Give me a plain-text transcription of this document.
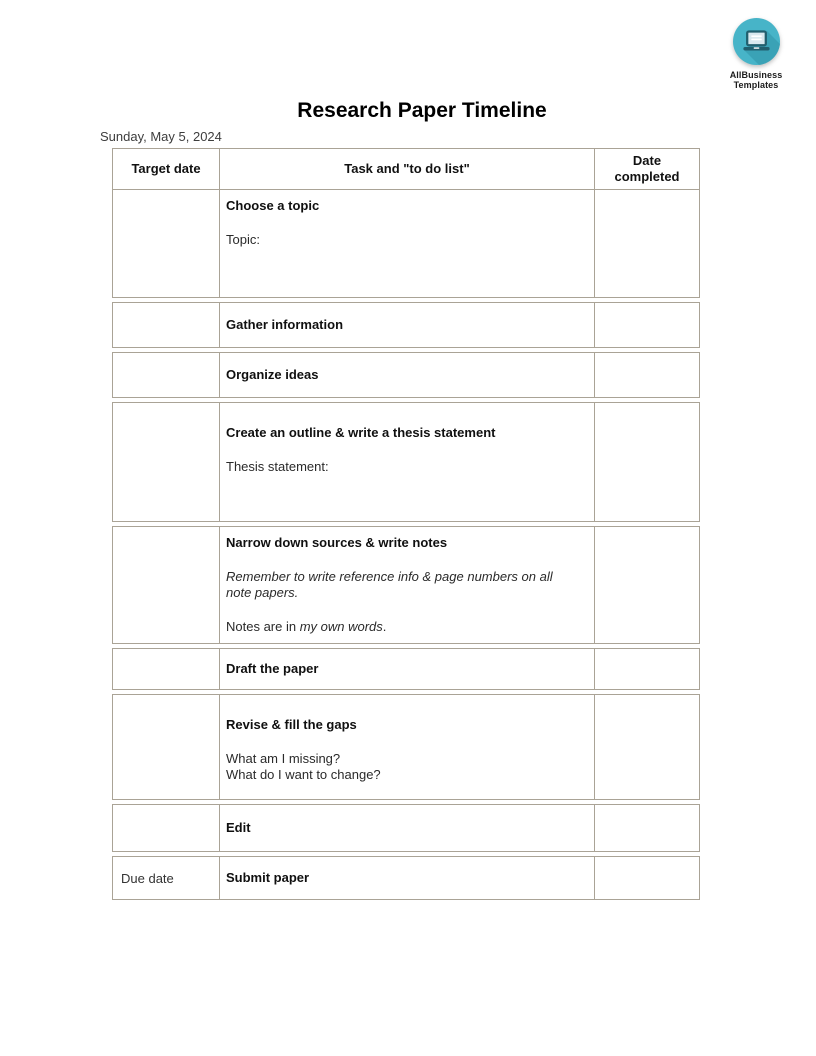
AllBusiness
Templates
Research Paper Timeline
Sunday, May 5, 2024
Target date	Task and "to do list"
Date completed
Choose a topic
Topic:
Gather information
Organize ideas
Create an outline & write a thesis statement
Thesis statement:
Narrow down sources & write notes
Remember to write reference info & page numbers on all note papers.
Notes are in my own words.
Draft the paper
Revise & fill the gaps
What am I missing?
What do I want to change?
Edit
Due date	Submit paper
